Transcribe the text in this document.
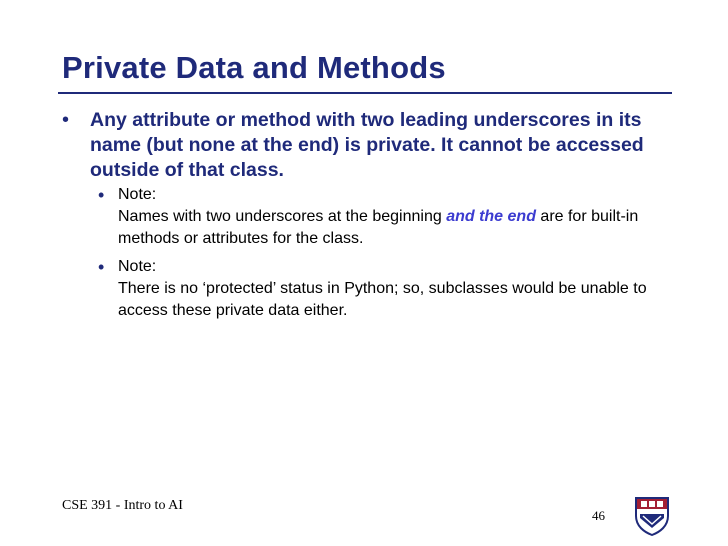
Private Data and Methods
•	Any attribute or method with two leading underscores in its name (but none at the end) is private. It cannot be accessed outside of that class.
• Note:
Names with two underscores at the beginning and the end are for built-in methods or attributes for the class.
• Note:
There is no ‘protected’ status in Python; so, subclasses would be unable to access these private data either.
CSE 391 - Intro to AI
46
